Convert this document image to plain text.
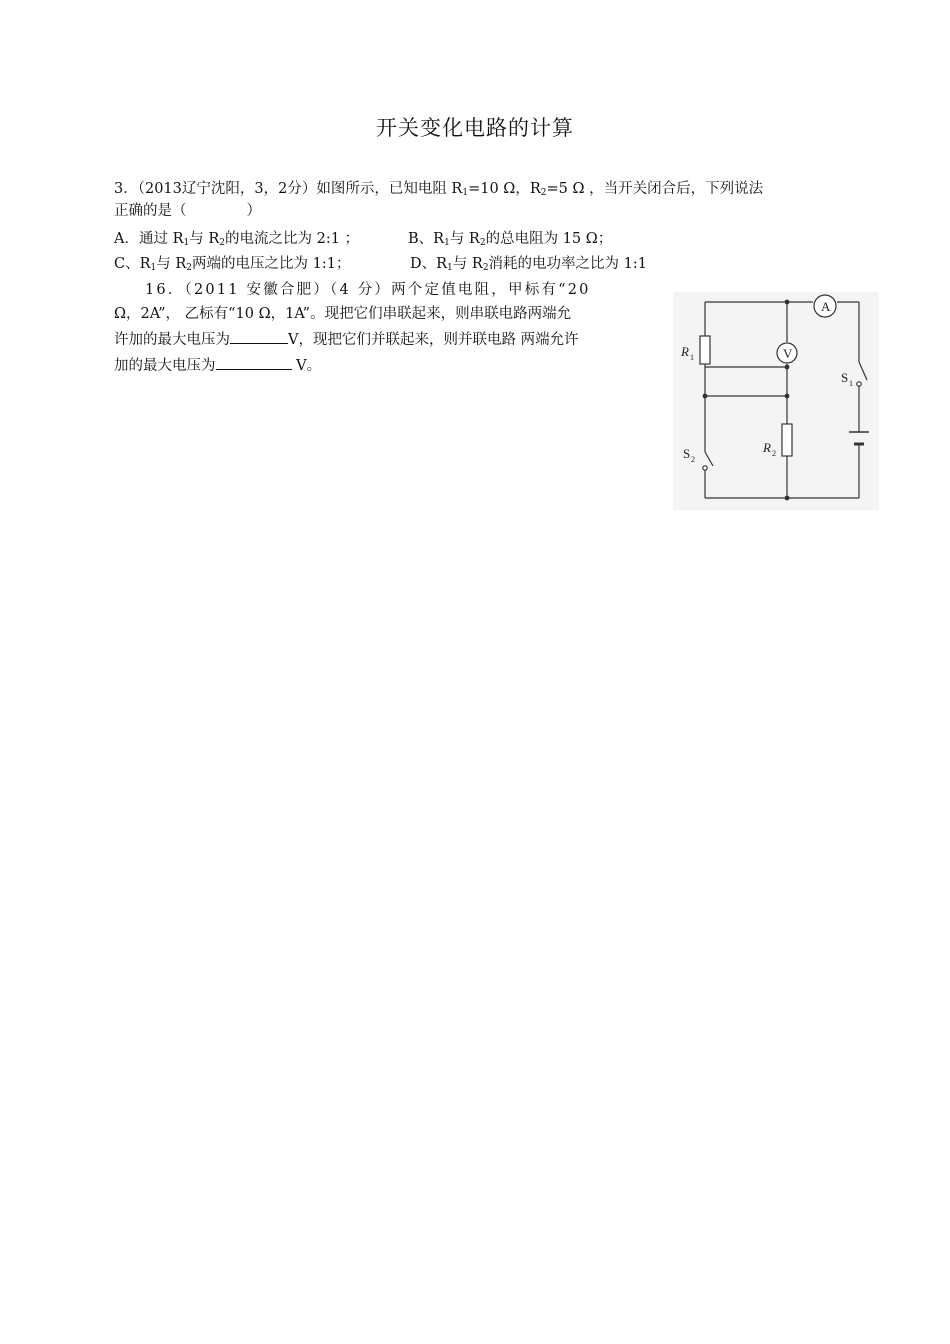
开关变化电路的计算
3．（2013辽宁沈阳，3，2分）如图所示，已知电阻 $R_1=10$ Ω，$R_2=5$ Ω ，当开关闭合后，下列说法
正确的是（	）
A．通过 $R_1$与 $R_2$的电流之比为 2:1 ；	B、$R_1$与 $R_2$的总电阻为 15 Ω；
C、$R_1$与 $R_2$两端的电压之比为 1:1；	D、$R_1$与 $R_2$消耗的电功率之比为 1:1
16．（2011 安徽合肥）（4 分）两个定值电阻，甲标有“20
Ω，2A”， 乙标有“10 Ω，1A”。现把它们串联起来，则串联电路两端允
许加的最大电压为	V，现把它们并联起来，则并联电路 两端允许
加的最大电压为	V。
A
V
R 1
R 2
S 1
S 2
